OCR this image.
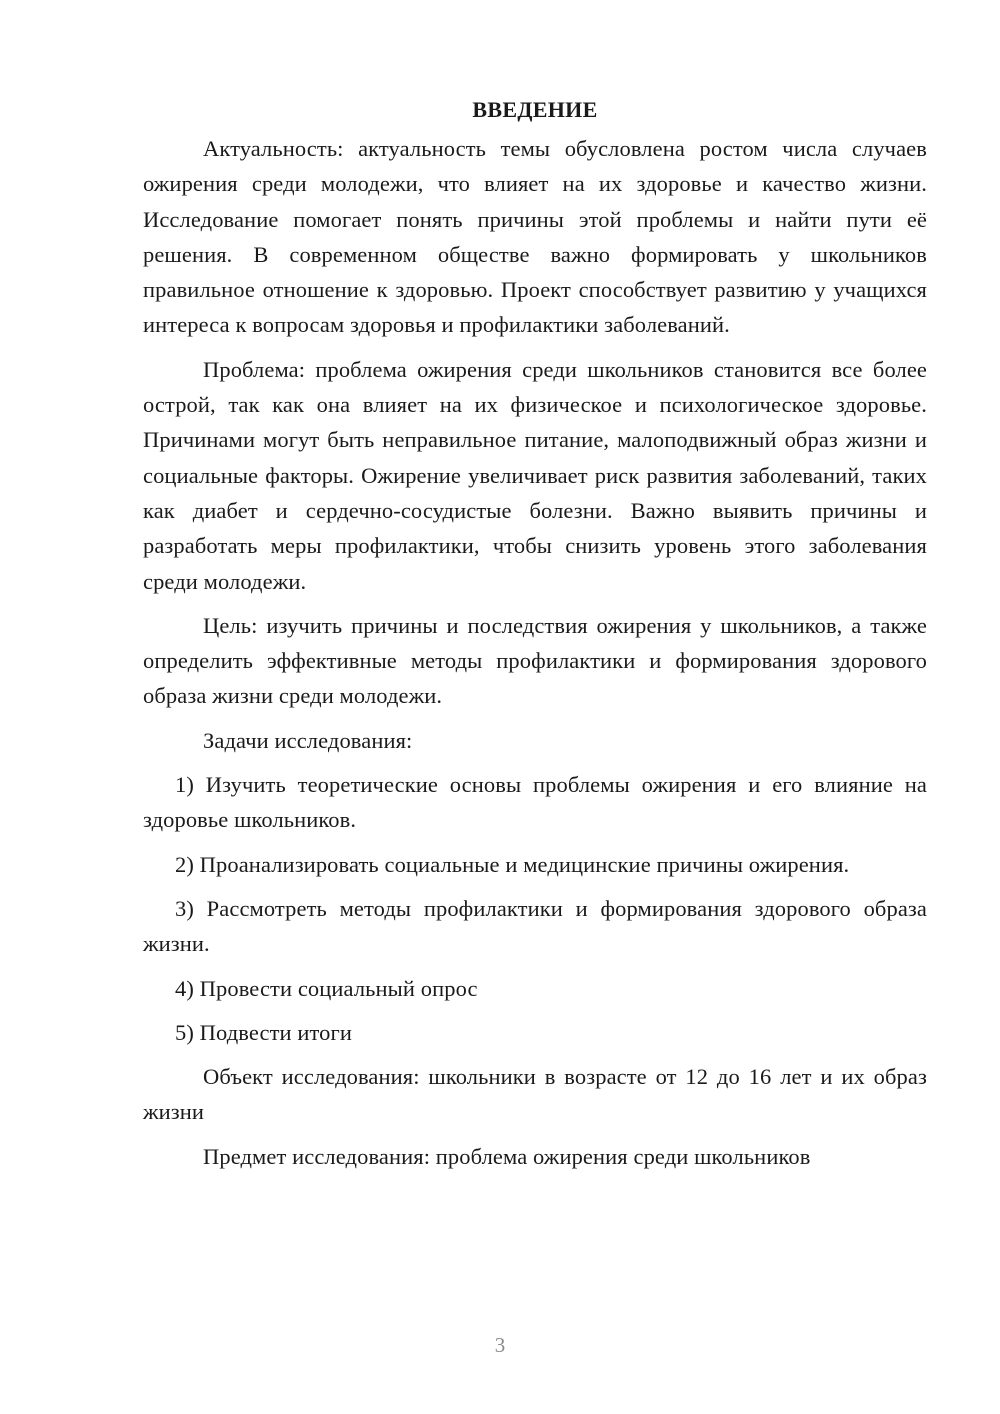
ВВЕДЕНИЕ

Актуальность: актуальность темы обусловлена ростом числа случаев ожирения среди молодежи, что влияет на их здоровье и качество жизни. Исследование помогает понять причины этой проблемы и найти пути её решения. В современном обществе важно формировать у школьников правильное отношение к здоровью. Проект способствует развитию у учащихся интереса к вопросам здоровья и профилактики заболеваний.

Проблема: проблема ожирения среди школьников становится все более острой, так как она влияет на их физическое и психологическое здоровье. Причинами могут быть неправильное питание, малоподвижный образ жизни и социальные факторы. Ожирение увеличивает риск развития заболеваний, таких как диабет и сердечно-сосудистые болезни. Важно выявить причины и разработать меры профилактики, чтобы снизить уровень этого заболевания среди молодежи.

Цель: изучить причины и последствия ожирения у школьников, а также определить эффективные методы профилактики и формирования здорового образа жизни среди молодежи.

Задачи исследования:

1) Изучить теоретические основы проблемы ожирения и его влияние на здоровье школьников.

2) Проанализировать социальные и медицинские причины ожирения.

3) Рассмотреть методы профилактики и формирования здорового образа жизни.

4) Провести социальный опрос

5) Подвести итоги

Объект исследования: школьники в возрасте от 12 до 16 лет и их образ жизни

Предмет исследования: проблема ожирения среди школьников

3
